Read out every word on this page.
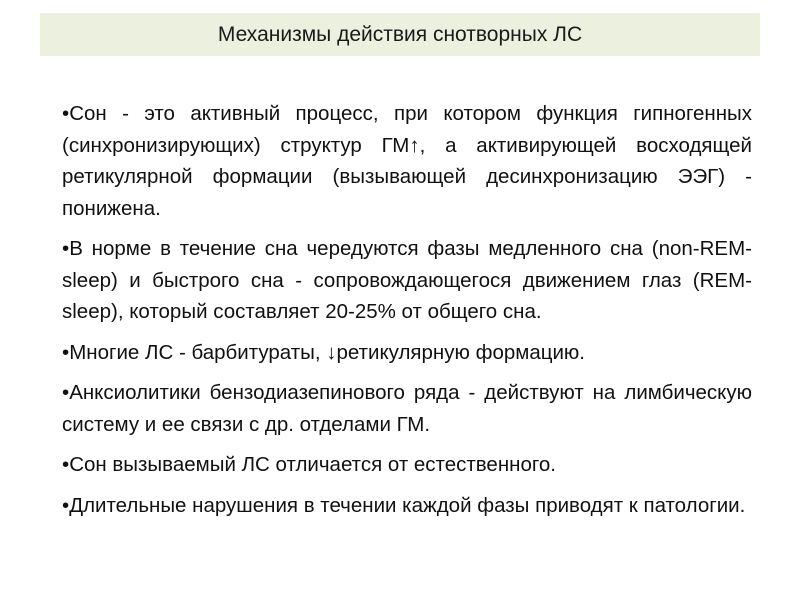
Механизмы действия снотворных ЛС

•Сон - это активный процесс, при котором функция гипногенных (синхронизирующих) структур ГМ↑, а активирующей восходящей ретикулярной формации (вызывающей десинхронизацию ЭЭГ) - понижена.

•В норме в течение сна чередуются фазы медленного сна (non-REM-sleep) и быстрого сна - сопровождающегося движением глаз (REM-sleep), который составляет 20-25% от общего сна.

•Многие ЛС - барбитураты, ↓ретикулярную формацию.

•Анксиолитики бензодиазепинового ряда - действуют на лимбическую систему и ее связи с др. отделами ГМ.

•Сон вызываемый ЛС отличается от естественного.

•Длительные нарушения в течении каждой фазы приводят к патологии.
